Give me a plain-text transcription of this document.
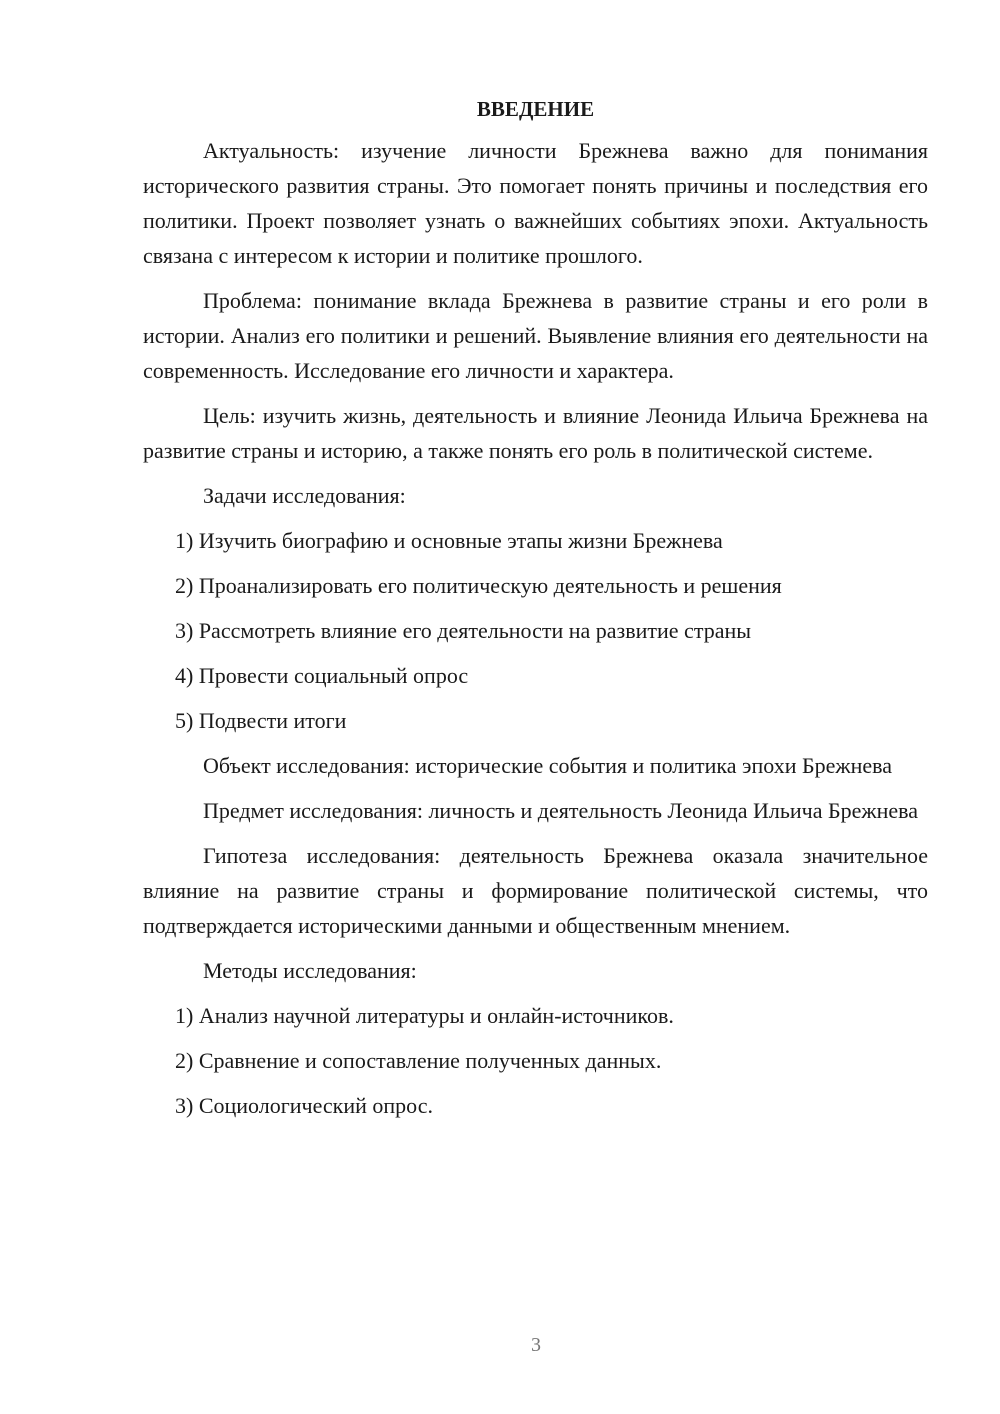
ВВЕДЕНИЕ

Актуальность: изучение личности Брежнева важно для понимания исторического развития страны. Это помогает понять причины и последствия его политики. Проект позволяет узнать о важнейших событиях эпохи. Актуальность связана с интересом к истории и политике прошлого.

Проблема: понимание вклада Брежнева в развитие страны и его роли в истории. Анализ его политики и решений. Выявление влияния его деятельности на современность. Исследование его личности и характера.

Цель: изучить жизнь, деятельность и влияние Леонида Ильича Брежнева на развитие страны и историю, а также понять его роль в политической системе.

Задачи исследования:
1) Изучить биографию и основные этапы жизни Брежнева
2) Проанализировать его политическую деятельность и решения
3) Рассмотреть влияние его деятельности на развитие страны
4) Провести социальный опрос
5) Подвести итоги

Объект исследования: исторические события и политика эпохи Брежнева

Предмет исследования: личность и деятельность Леонида Ильича Брежнева

Гипотеза исследования: деятельность Брежнева оказала значительное влияние на развитие страны и формирование политической системы, что подтверждается историческими данными и общественным мнением.

Методы исследования:
1) Анализ научной литературы и онлайн-источников.
2) Сравнение и сопоставление полученных данных.
3) Социологический опрос.
3
